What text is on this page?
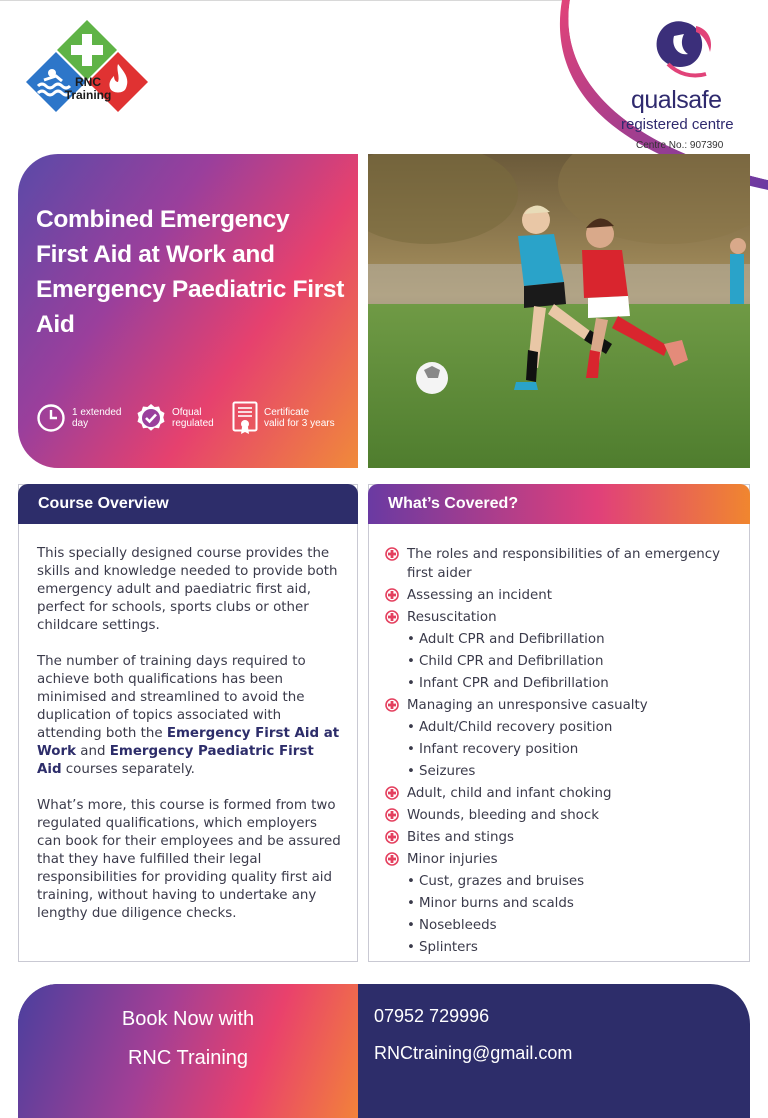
RNC
Training	qualsafe
registered centre
Centre No.: 907390
Combined Emergency First Aid at Work and Emergency Paediatric First Aid
1 extended
day
Ofqual
regulated
Certificate
valid for 3 years
Course Overview

This specially designed course provides the skills and knowledge needed to provide both emergency adult and paediatric first aid, perfect for schools, sports clubs or other childcare settings.

The number of training days required to achieve both qualifications has been minimised and streamlined to avoid the duplication of topics associated with attending both the Emergency First Aid at Work and Emergency Paediatric First Aid courses separately.

What’s more, this course is formed from two regulated qualifications, which employers can book for their employees and be assured that they have fulfilled their legal responsibilities for providing quality first aid training, without having to undertake any lengthy due diligence checks.

What’s Covered?
The roles and responsibilities of an emergency first aider
Assessing an incident
Resuscitation
• Adult CPR and Defibrillation
• Child CPR and Defibrillation
• Infant CPR and Defibrillation
Managing an unresponsive casualty
• Adult/Child recovery position
• Infant recovery position
• Seizures
Adult, child and infant choking
Wounds, bleeding and shock
Bites and stings
Minor injuries
• Cust, grazes and bruises
• Minor burns and scalds
• Nosebleeds
• Splinters
Book Now with
RNC Training
07952 729996
RNCtraining@gmail.com
